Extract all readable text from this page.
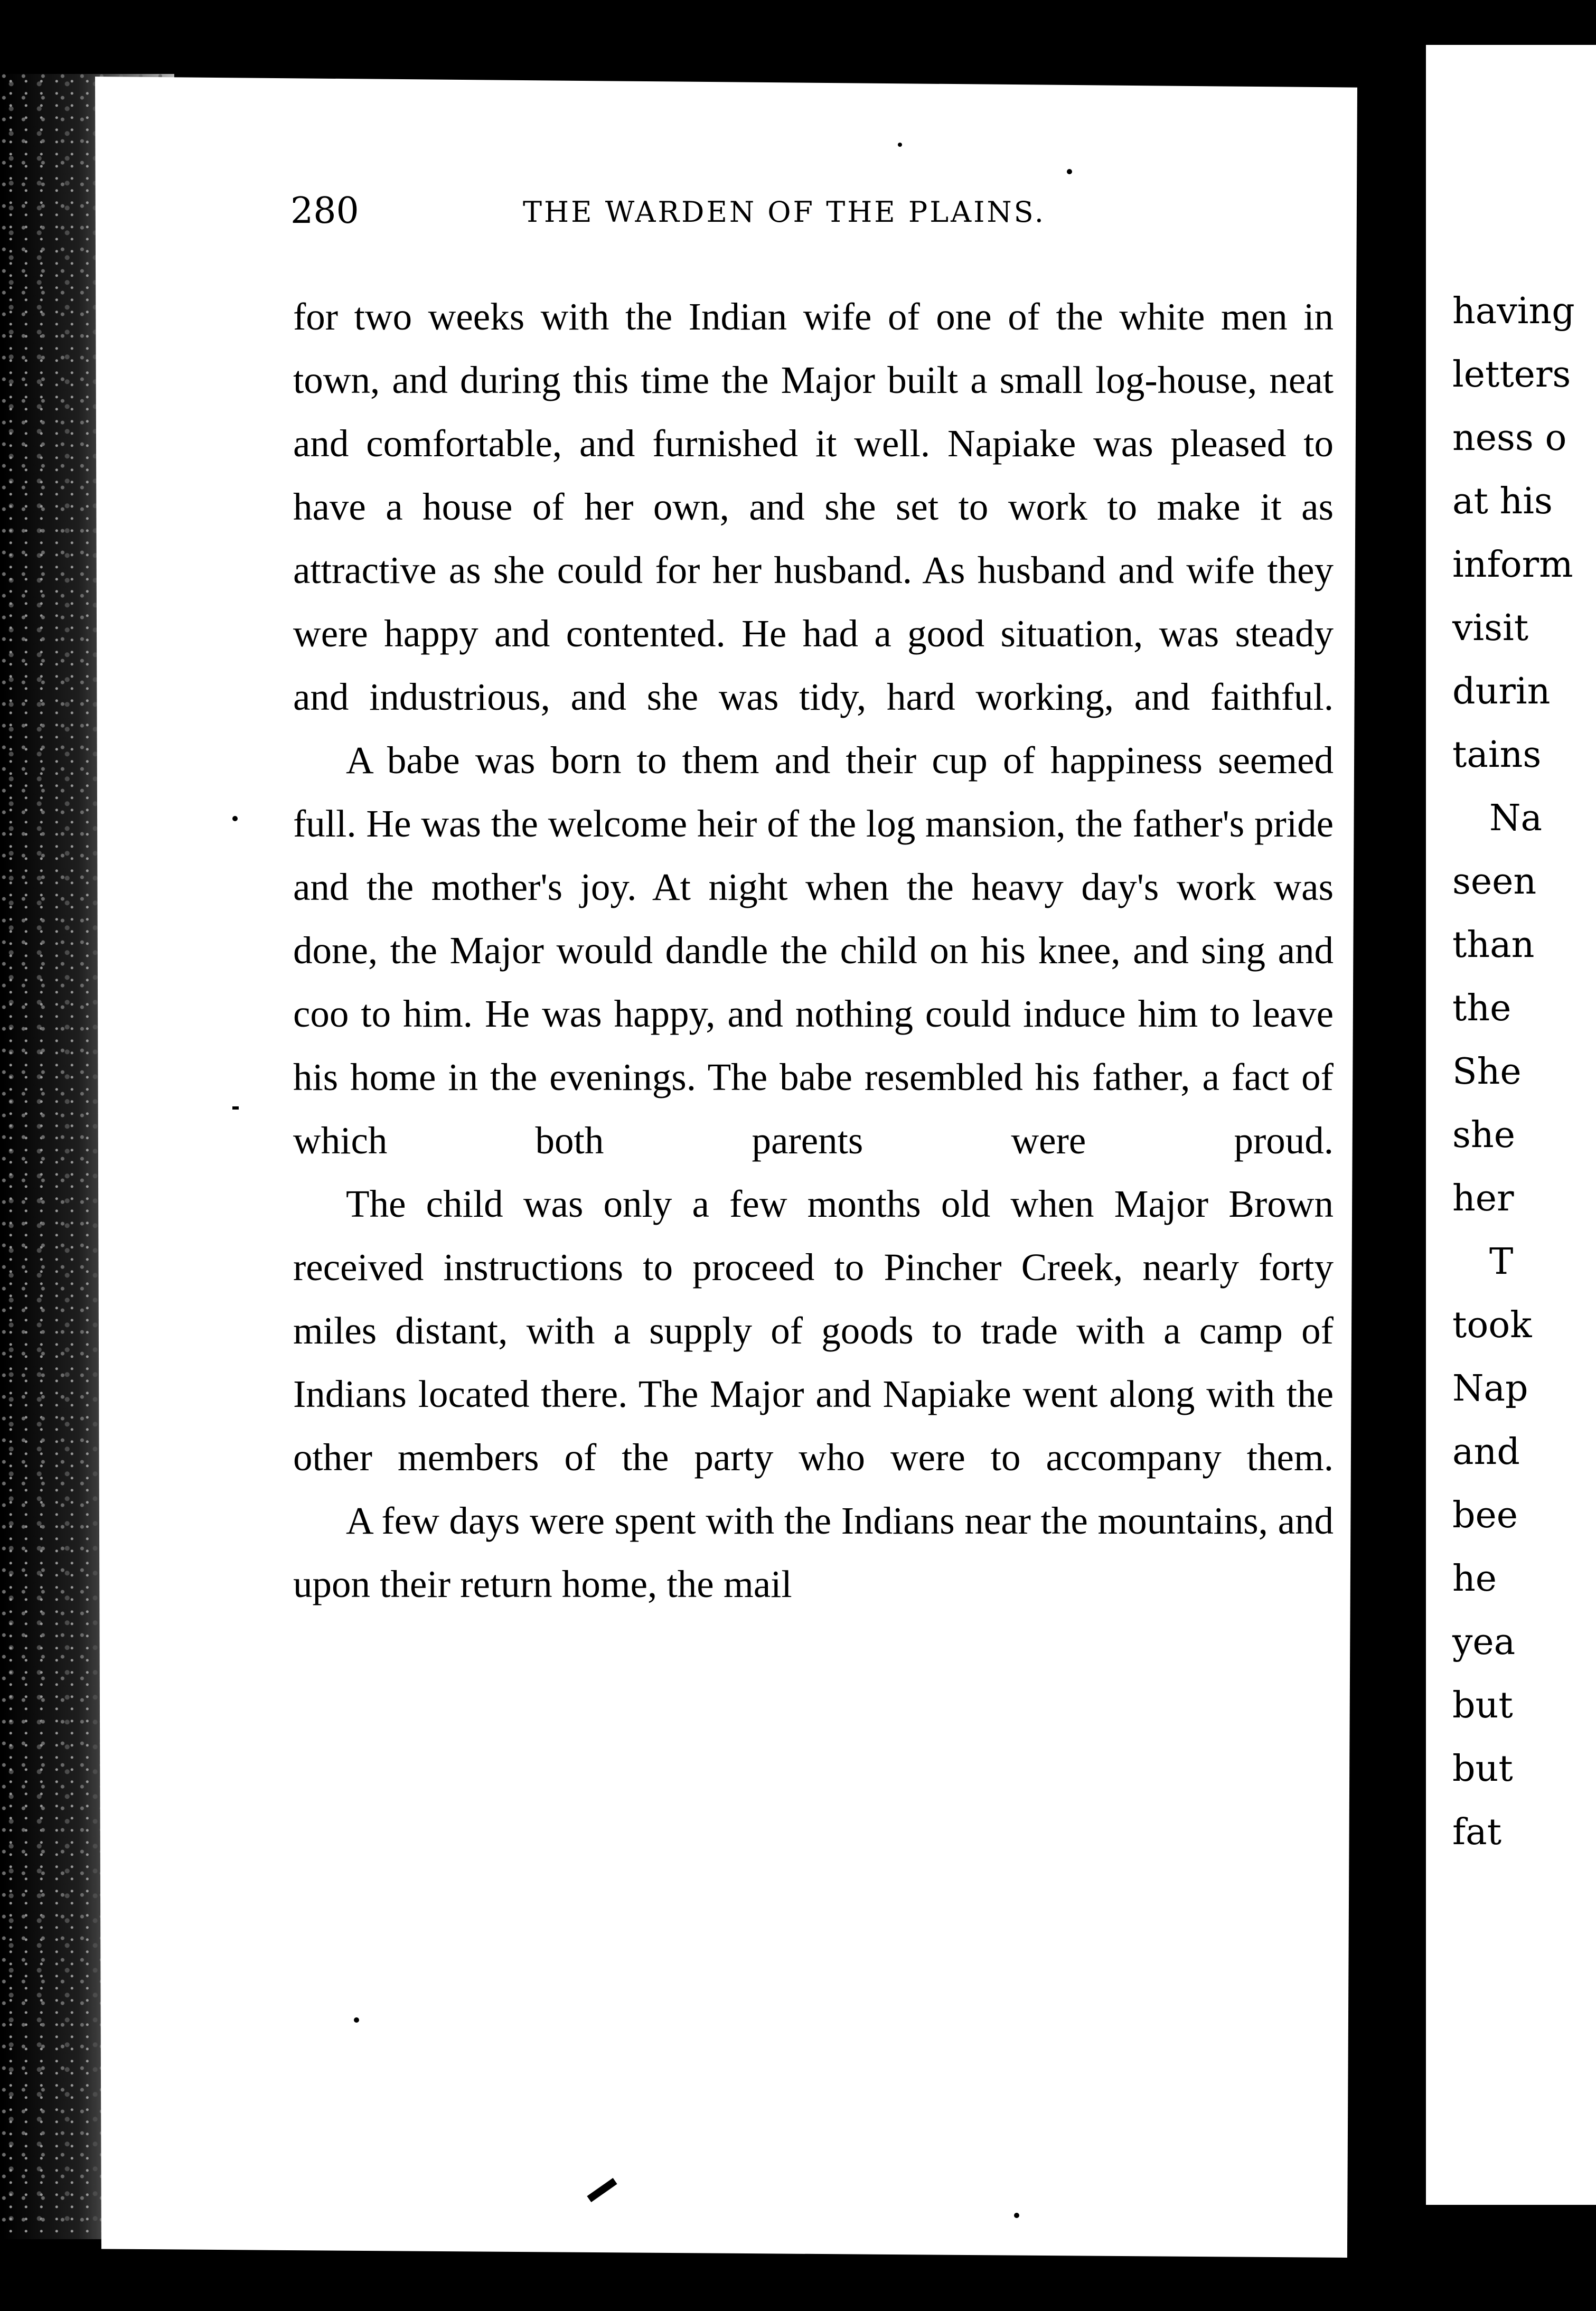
280	THE WARDEN OF THE PLAINS.

for two weeks with the Indian wife of one of the white men in town, and during this time the Major built a small log-house, neat and comfortable, and furnished it well. Napiake was pleased to have a house of her own, and she set to work to make it as attractive as she could for her husband. As husband and wife they were happy and contented. He had a good situation, was steady and industrious, and she was tidy, hard working, and faithful.

A babe was born to them and their cup of happiness seemed full. He was the welcome heir of the log mansion, the father's pride and the mother's joy. At night when the heavy day's work was done, the Major would dandle the child on his knee, and sing and coo to him. He was happy, and nothing could induce him to leave his home in the evenings. The babe resembled his father, a fact of which both parents were proud.

The child was only a few months old when Major Brown received instructions to proceed to Pincher Creek, nearly forty miles distant, with a supply of goods to trade with a camp of Indians located there. The Major and Napiake went along with the other members of the party who were to accompany them.

A few days were spent with the Indians near the mountains, and upon their return home, the mail

having
letters
ness o
at his
inform
visit
durin
tains
Na
seen
than
the
She
she
her
T
took
Nap
and
bee
he
yea
but
but
fat
